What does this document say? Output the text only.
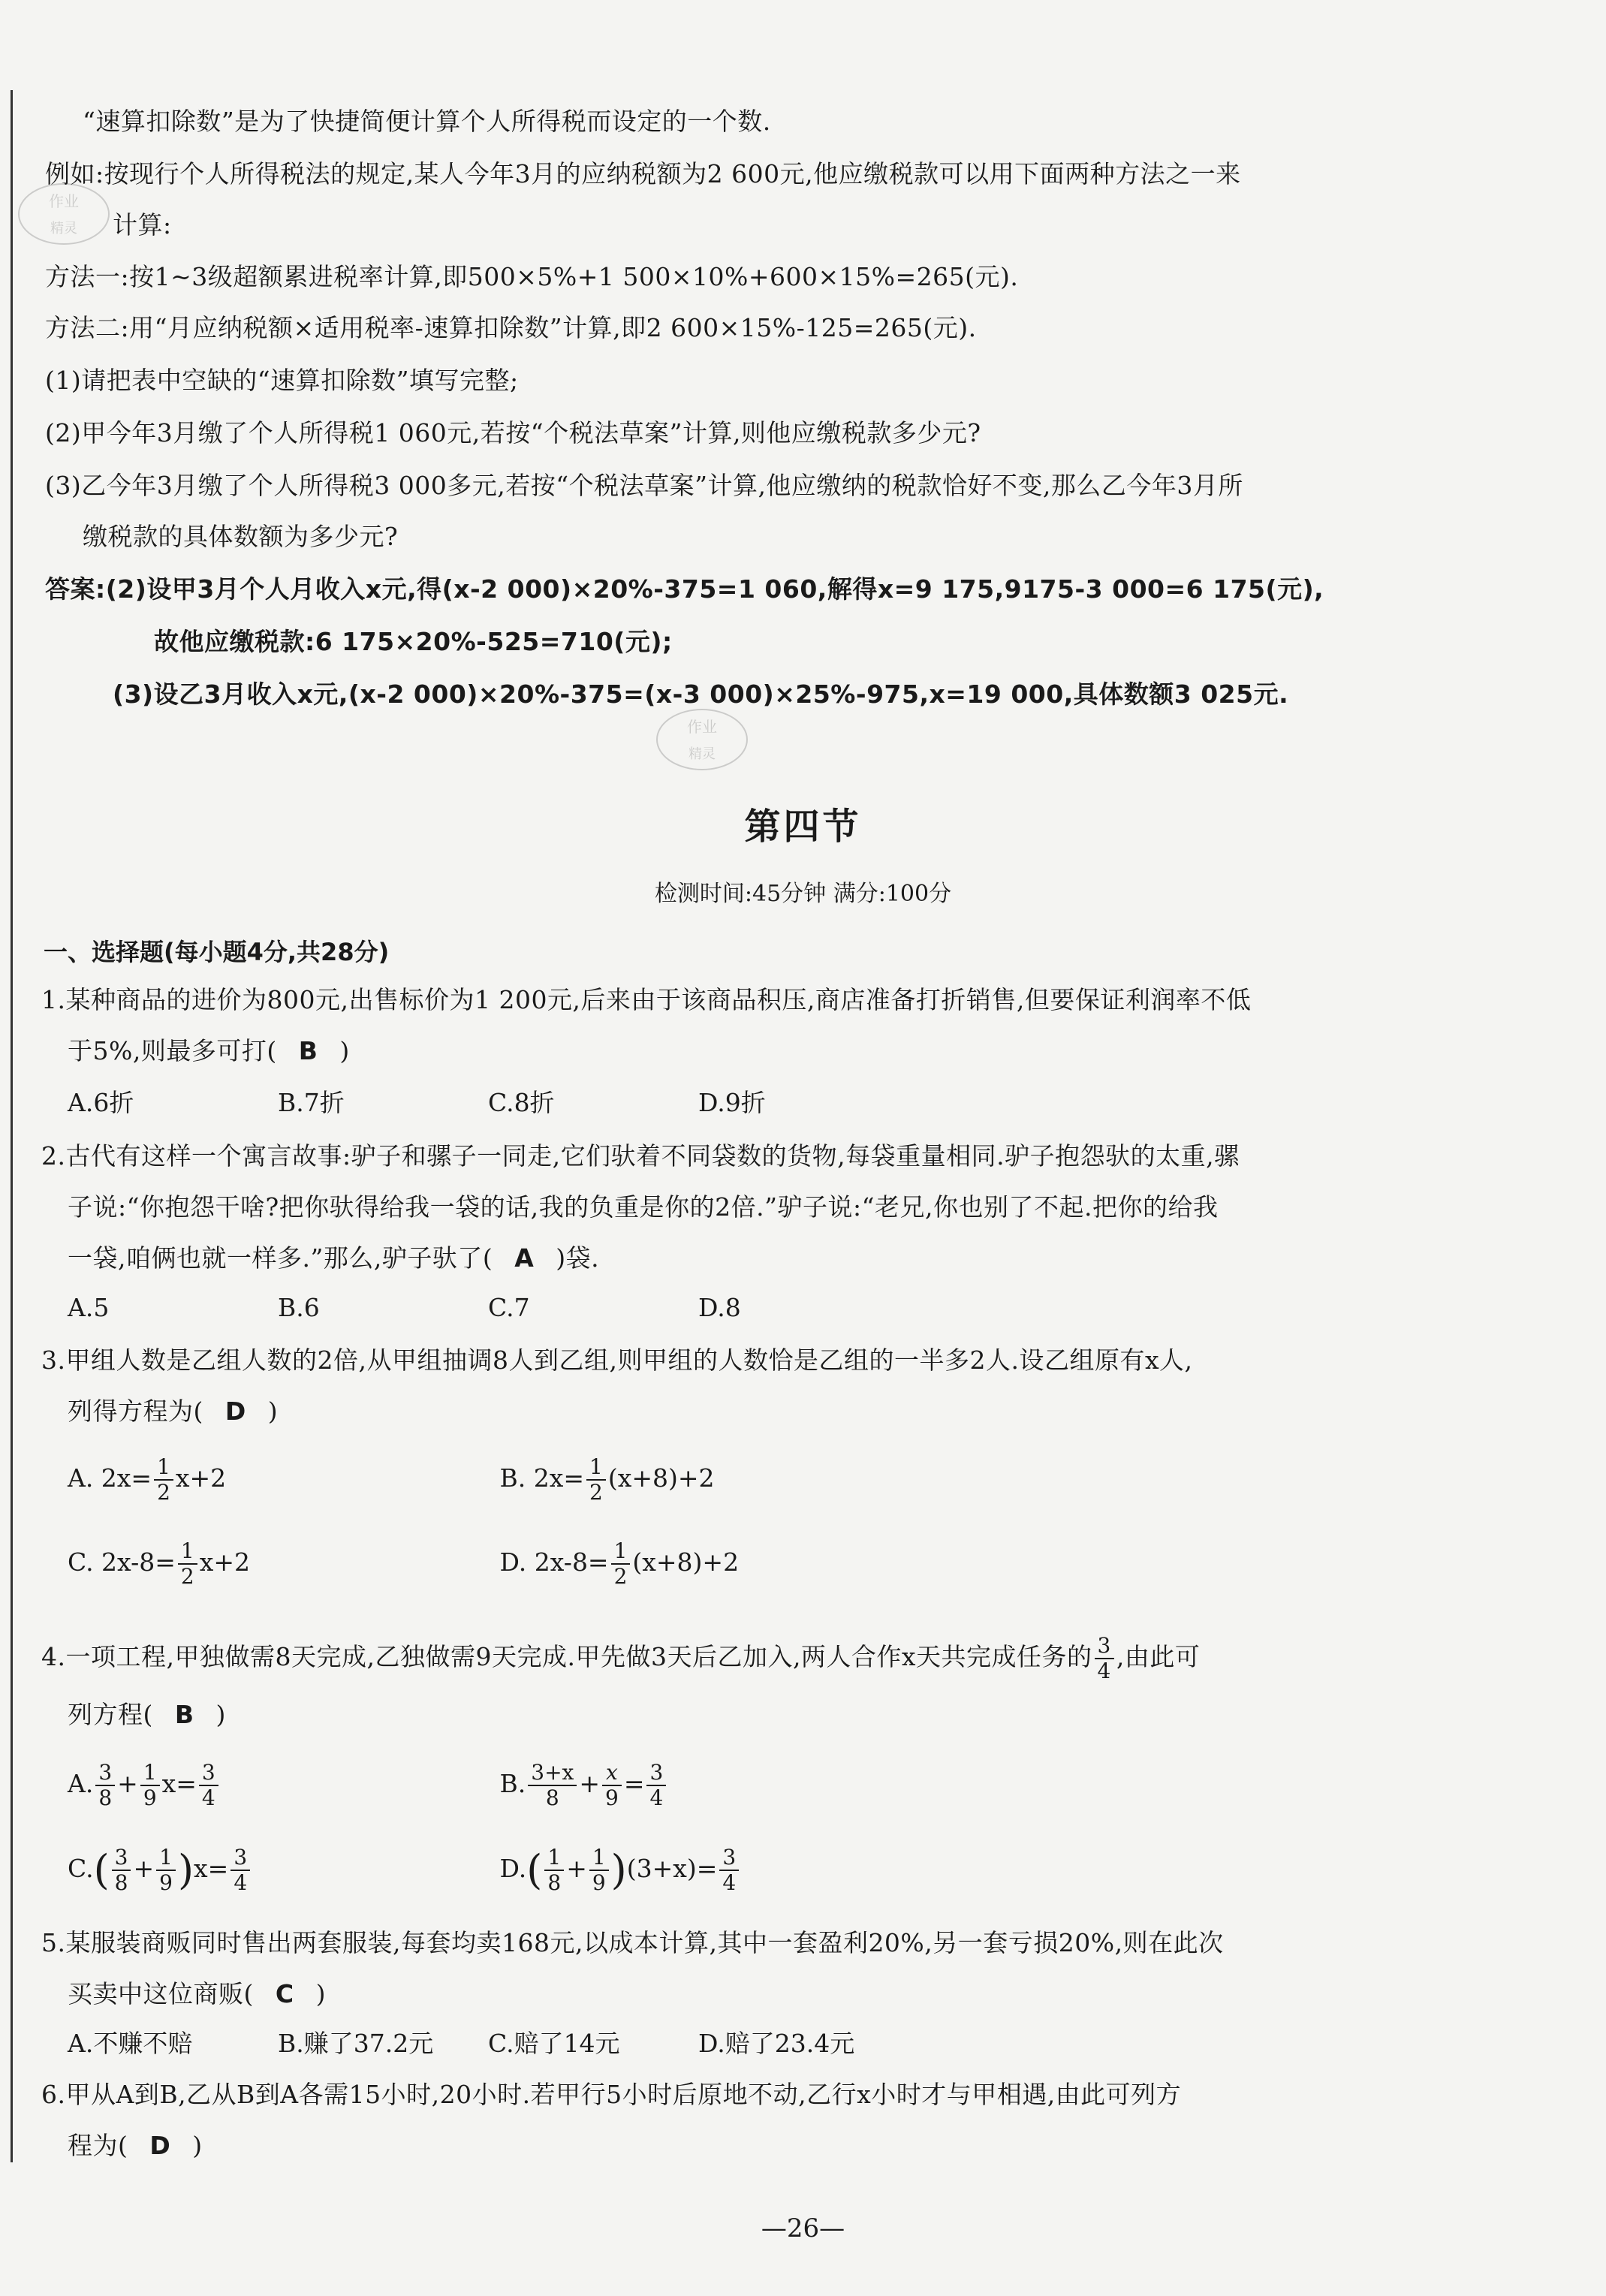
作业
精灵
作业
精灵
“速算扣除数”是为了快捷简便计算个人所得税而设定的一个数.
例如:按现行个人所得税法的规定,某人今年3月的应纳税额为2 600元,他应缴税款可以用下面两种方法之一来
计算:
方法一:按1~3级超额累进税率计算,即500×5%+1 500×10%+600×15%=265(元).
方法二:用“月应纳税额×适用税率-速算扣除数”计算,即2 600×15%-125=265(元).
(1)请把表中空缺的“速算扣除数”填写完整;
(2)甲今年3月缴了个人所得税1 060元,若按“个税法草案”计算,则他应缴税款多少元?
(3)乙今年3月缴了个人所得税3 000多元,若按“个税法草案”计算,他应缴纳的税款恰好不变,那么乙今年3月所
缴税款的具体数额为多少元?
答案:(2)设甲3月个人月收入x元,得(x-2 000)×20%-375=1 060,解得x=9 175,9175-3 000=6 175(元),
故他应缴税款:6 175×20%-525=710(元);
(3)设乙3月收入x元,(x-2 000)×20%-375=(x-3 000)×25%-975,x=19 000,具体数额3 025元.
第四节
检测时间:45分钟 满分:100分
一、选择题(每小题4分,共28分)
1.某种商品的进价为800元,出售标价为1 200元,后来由于该商品积压,商店准备打折销售,但要保证利润率不低
于5%,则最多可打( B )
A.6折	B.7折	C.8折	D.9折
2.古代有这样一个寓言故事:驴子和骡子一同走,它们驮着不同袋数的货物,每袋重量相同.驴子抱怨驮的太重,骡
子说:“你抱怨干啥?把你驮得给我一袋的话,我的负重是你的2倍.”驴子说:“老兄,你也别了不起.把你的给我
一袋,咱俩也就一样多.”那么,驴子驮了( A )袋.
A.5	B.6	C.7	D.8
3.甲组人数是乙组人数的2倍,从甲组抽调8人到乙组,则甲组的人数恰是乙组的一半多2人.设乙组原有x人,
列得方程为( D )
A. $2x= \frac{1}{2} x+2$	B. $2x= \frac{1}{2} (x+8)+2$
C. $2x-8= \frac{1}{2} x+2$	D. $2x-8= \frac{1}{2} (x+8)+2$
4.一项工程,甲独做需8天完成,乙独做需9天完成.甲先做3天后乙加入,两人合作x天共完成任务的 $\frac{3}{4}$ ,由此可
列方程( B )
A. $\frac{3}{8} + \frac{1}{9} x= \frac{3}{4}$	B. $\frac{3+x}{8} + \frac{x}{9} = \frac{3}{4}$
$C.( \frac{3}{8} + \frac{1}{9} )x= \frac{3}{4}$	$D.( \frac{1}{8} + \frac{1}{9} )(3+x)= \frac{3}{4}$
5.某服装商贩同时售出两套服装,每套均卖168元,以成本计算,其中一套盈利20%,另一套亏损20%,则在此次
买卖中这位商贩( C )
A.不赚不赔	B.赚了37.2元 C.赔了14元	D.赔了23.4元
6.甲从A到B,乙从B到A各需15小时,20小时.若甲行5小时后原地不动,乙行x小时才与甲相遇,由此可列方
程为( D )
—26—
